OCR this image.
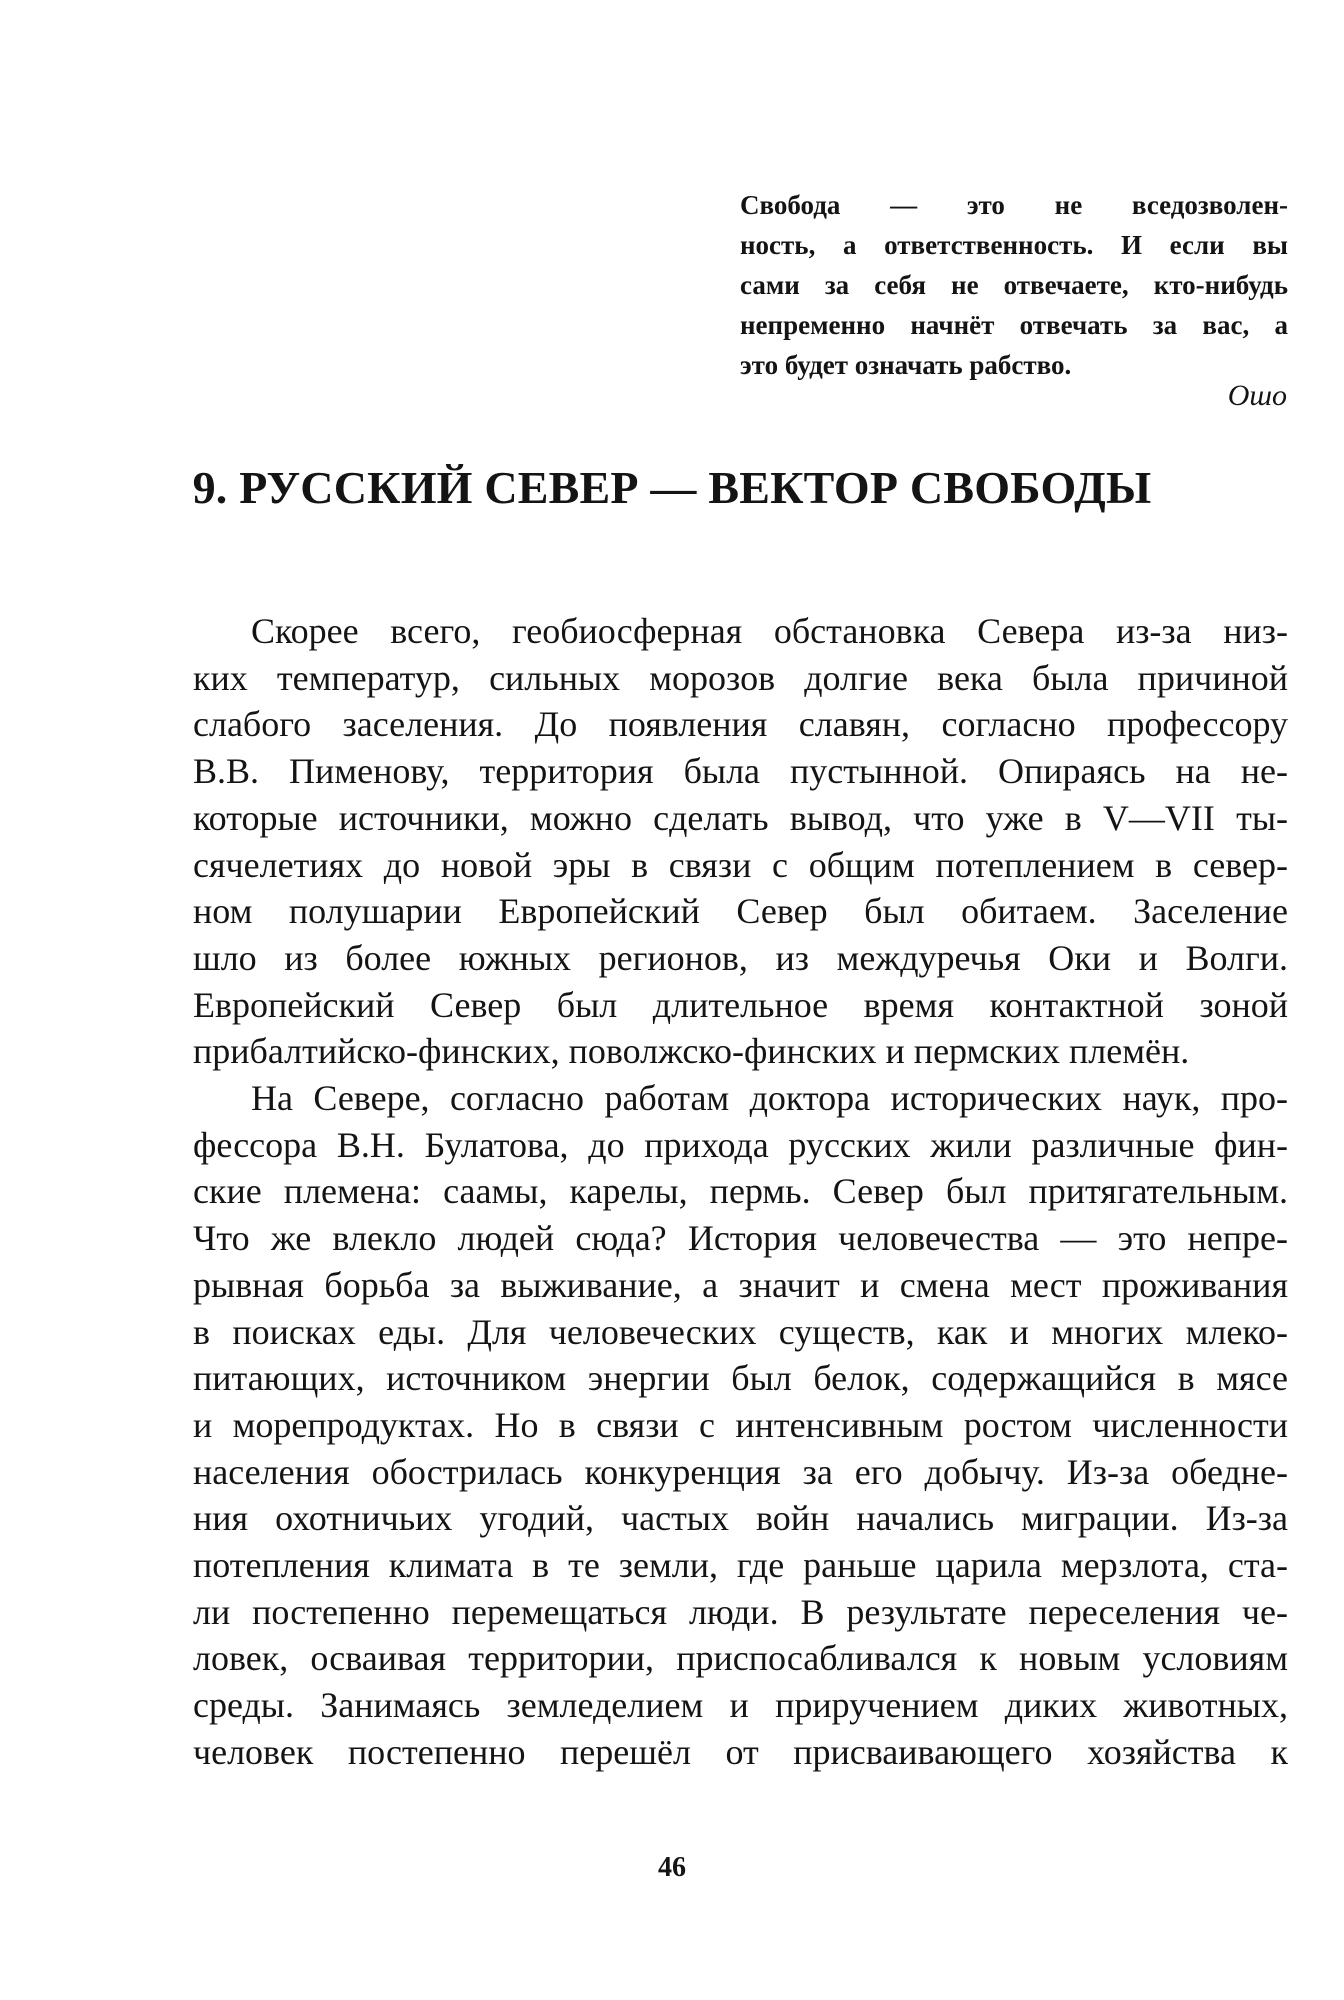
Свобода — это не вседозволен-
ность, а ответственность. И если вы
сами за себя не отвечаете, кто-нибудь
непременно начнёт отвечать за вас, а
это будет означать рабство.
Ошо
9. РУССКИЙ СЕВЕР — ВЕКТОР СВОБОДЫ
Скорее всего, геобиосферная обстановка Севера из-за низ-
ких температур, сильных морозов долгие века была причиной
слабого заселения. До появления славян, согласно профессору
В.В. Пименову, территория была пустынной. Опираясь на не-
которые источники, можно сделать вывод, что уже в V—VII ты-
сячелетиях до новой эры в связи с общим потеплением в север-
ном полушарии Европейский Север был обитаем. Заселение
шло из более южных регионов, из междуречья Оки и Волги.
Европейский Север был длительное время контактной зоной
прибалтийско-финских, поволжско-финских и пермских племён.
На Севере, согласно работам доктора исторических наук, про-
фессора В.Н. Булатова, до прихода русских жили различные фин-
ские племена: саамы, карелы, пермь. Север был притягательным.
Что же влекло людей сюда? История человечества — это непре-
рывная борьба за выживание, а значит и смена мест проживания
в поисках еды. Для человеческих существ, как и многих млеко-
питающих, источником энергии был белок, содержащийся в мясе
и морепродуктах. Но в связи с интенсивным ростом численности
населения обострилась конкуренция за его добычу. Из-за обедне-
ния охотничьих угодий, частых войн начались миграции. Из-за
потепления климата в те земли, где раньше царила мерзлота, ста-
ли постепенно перемещаться люди. В результате переселения че-
ловек, осваивая территории, приспосабливался к новым условиям
среды. Занимаясь земледелием и приручением диких животных,
человек постепенно перешёл от присваивающего хозяйства к
46
